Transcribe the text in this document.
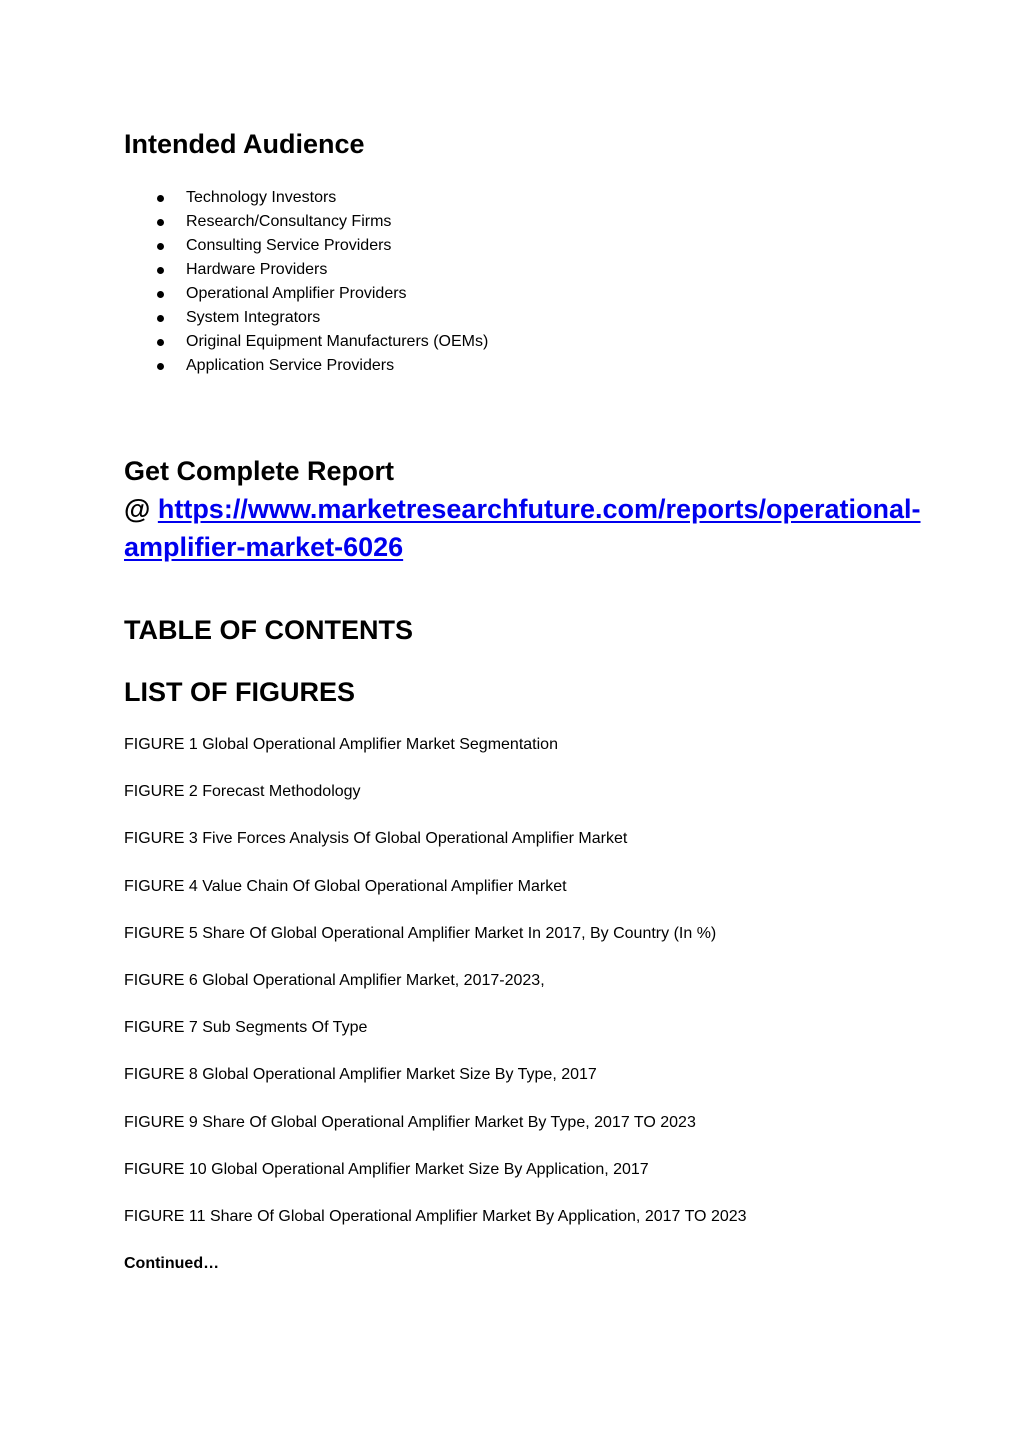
Intended Audience
Technology Investors
Research/Consultancy Firms
Consulting Service Providers
Hardware Providers
Operational Amplifier Providers
System Integrators
Original Equipment Manufacturers (OEMs)
Application Service Providers
Get Complete Report
@ https://www.marketresearchfuture.com/reports/operational-amplifier-market-6026
TABLE OF CONTENTS
LIST OF FIGURES
FIGURE 1 Global Operational Amplifier Market Segmentation
FIGURE 2 Forecast Methodology
FIGURE 3 Five Forces Analysis Of Global Operational Amplifier Market
FIGURE 4 Value Chain Of Global Operational Amplifier Market
FIGURE 5 Share Of Global Operational Amplifier Market In 2017, By Country (In %)
FIGURE 6 Global Operational Amplifier Market, 2017-2023,
FIGURE 7 Sub Segments Of Type
FIGURE 8 Global Operational Amplifier Market Size By Type, 2017
FIGURE 9 Share Of Global Operational Amplifier Market By Type, 2017 TO 2023
FIGURE 10 Global Operational Amplifier Market Size By Application, 2017
FIGURE 11 Share Of Global Operational Amplifier Market By Application, 2017 TO 2023
Continued…
